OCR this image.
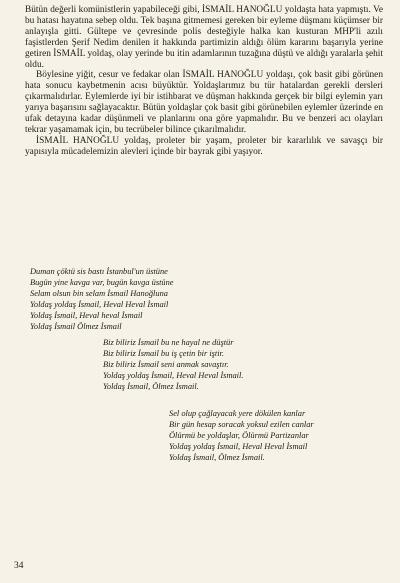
Bütün değerli komünistlerin yapabileceği gibi, İSMAİL HANOĞLU yoldaşta hata yapmıştı. Ve bu hatası hayatına sebep oldu. Tek başına gitmemesi gereken bir eyleme düşmanı küçümser bir anlayışla gitti. Gültepe ve çevresinde polis desteğiyle halka kan kusturan MHP'li azılı faşistlerden Şerif Nedim denilen it hakkında partimizin aldığı ölüm kararını başarıyla yerine getiren İSMAİL yoldaş, olay yerinde bu itin adamlarının tuzağına düştü ve aldığı yaralarla şehit oldu.

Böylesine yiğit, cesur ve fedakar olan İSMAİL HANOĞLU yoldaşı, çok basit gibi görünen hata sonucu kaybetmenin acısı büyüktür. Yoldaşlarımız bu tür hatalardan gerekli dersleri çıkarmalıdırlar. Eylemlerde iyi bir istihbarat ve düşman hakkında gerçek bir bilgi eylemin yarı yarıya başarısını sağlayacaktır. Bütün yoldaşlar çok basit gibi görünebilen eylemler üzerinde en ufak detayına kadar düşünmeli ve planlarını ona göre yapmalıdır. Bu ve benzeri acı olayları tekrar yaşamamak için, bu tecrübeler bilince çıkarılmalıdır.

İSMAİL HANOĞLU yoldaş, proleter bir yaşam, proleter bir kararlılık ve savaşçı bir yapısıyla mücadelemizin alevleri içinde bir bayrak gibi yaşıyor.

Duman çöktü sis bastı İstanbul'un üstüne
Bugün yine kavga var, bugün kavga üstüne
Selam olsun bin selam İsmail Hanoğluna
Yoldaş yoldaş İsmail, Heval Heval İsmail
Yoldaş İsmail, Heval heval İsmail
Yoldaş İsmail Ölmez İsmail
Biz biliriz İsmail bu ne hayal ne düştür
Biz biliriz İsmail bu iş çetin bir iştir.
Biz biliriz İsmail seni anmak savaştır.
Yoldaş yoldaş İsmail, Heval Heval İsmail.
Yoldaş İsmail, Ölmez İsmail.
Sel olup çağlayacak yere dökülen kanlar
Bir gün hesap soracak yoksul ezilen canlar
Ölürmü be yoldaşlar, Ölürmü Partizanlar
Yoldaş yoldaş İsmail, Heval Heval İsmail
Yoldaş İsmail, Ölmez İsmail.
34
